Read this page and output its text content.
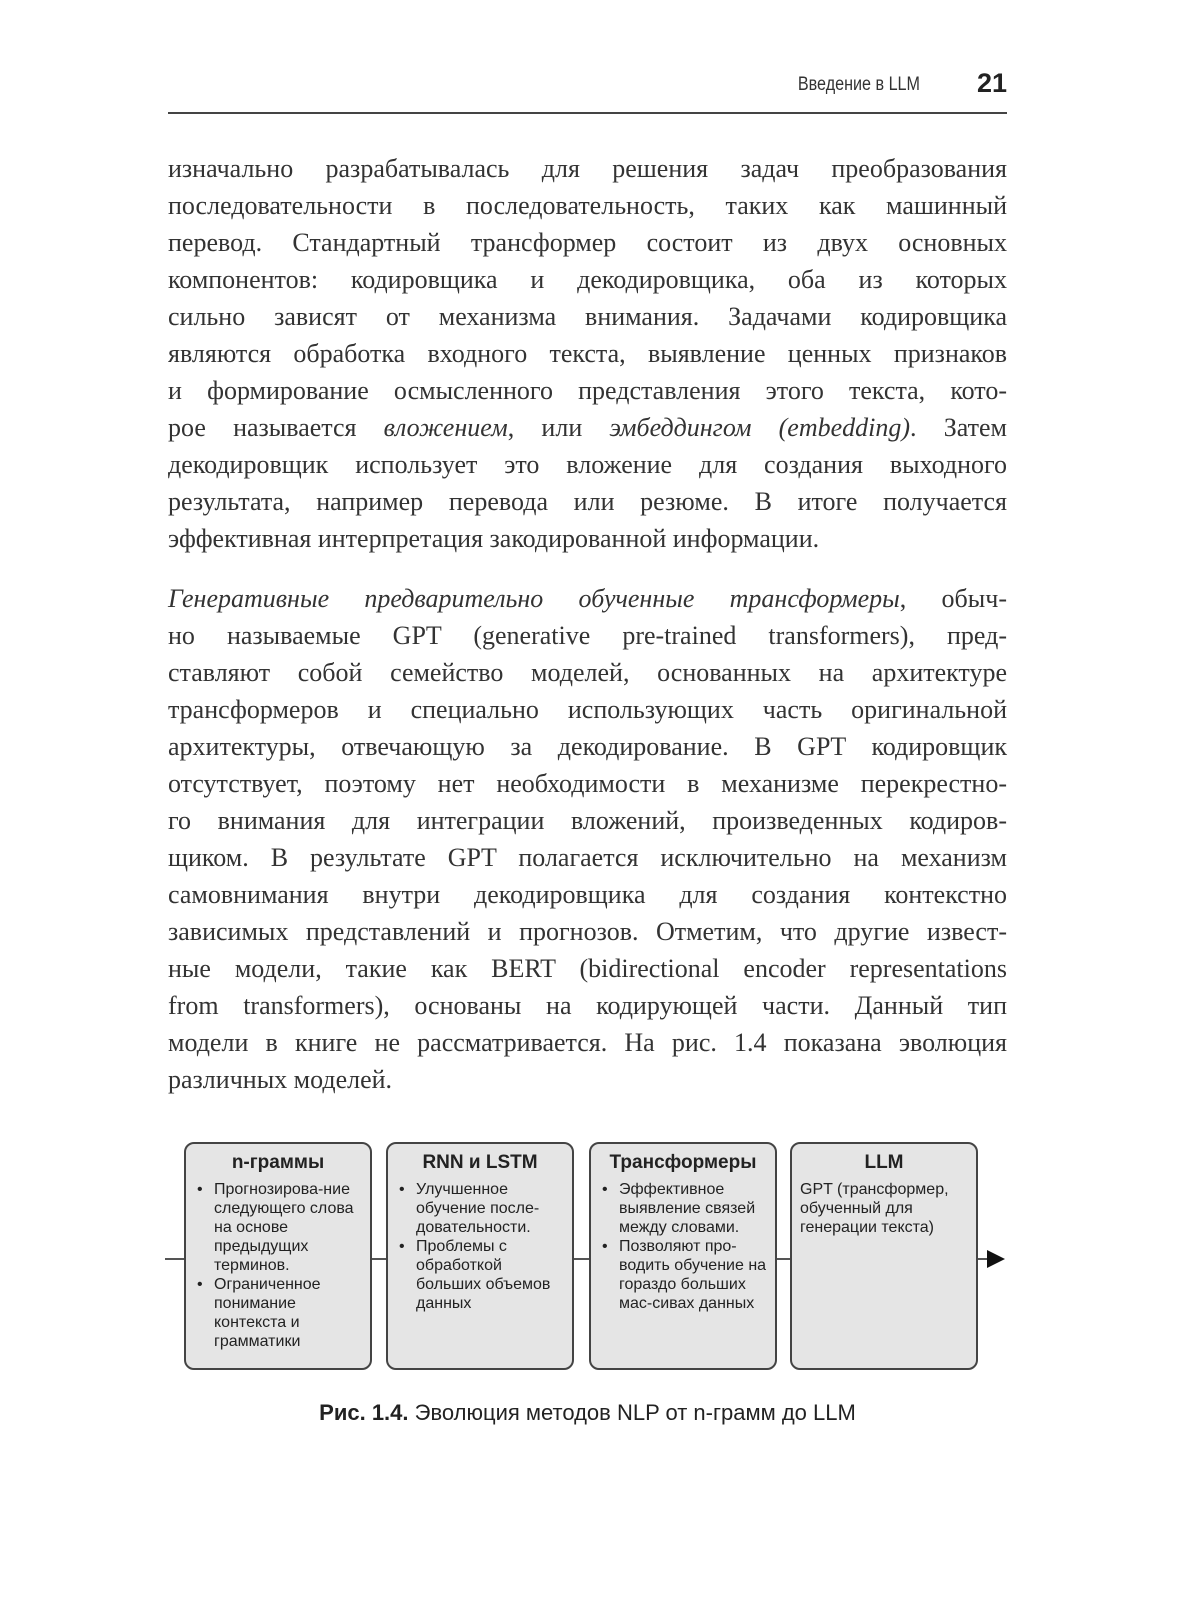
Введение в LLM	21
изначально разрабатывалась для решения задач преобразования
последовательности в последовательность, таких как машинный
перевод. Стандартный трансформер состоит из двух основных
компонентов: кодировщика и декодировщика, оба из которых
сильно зависят от механизма внимания. Задачами кодировщика
являются обработка входного текста, выявление ценных признаков
и формирование осмысленного представления этого текста, кото-
рое называется вложением, или эмбеддингом (embedding). Затем
декодировщик использует это вложение для создания выходного
результата, например перевода или резюме. В итоге получается
эффективная интерпретация закодированной информации.
Генеративные предварительно обученные трансформеры, обыч-
но называемые GPT (generative pre-trained transformers), пред-
ставляют собой семейство моделей, основанных на архитектуре
трансформеров и специально использующих часть оригинальной
архитектуры, отвечающую за декодирование. В GPT кодировщик
отсутствует, поэтому нет необходимости в механизме перекрестно-
го внимания для интеграции вложений, произведенных кодиров-
щиком. В результате GPT полагается исключительно на механизм
самовнимания внутри декодировщика для создания контекстно
зависимых представлений и прогнозов. Отметим, что другие извест-
ные модели, такие как BERT (bidirectional encoder representations
from transformers), основаны на кодирующей части. Данный тип
модели в книге не рассматривается. На рис. 1.4 показана эволюция
различных моделей.
n-граммы
• Прогнозирова-ние следующего слова на основе предыдущих терминов.
• Ограниченное понимание контекста и грамматики
RNN и LSTM
• Улучшенное обучение после-довательности.
• Проблемы с обработкой больших объемов данных
Трансформеры
• Эффективное выявление связей между словами.
• Позволяют про-водить обучение на гораздо больших мас-сивах данных
LLM

GPT (трансформер, обученный для генерации текста)

Рис. 1.4. Эволюция методов NLP от n-грамм до LLM
